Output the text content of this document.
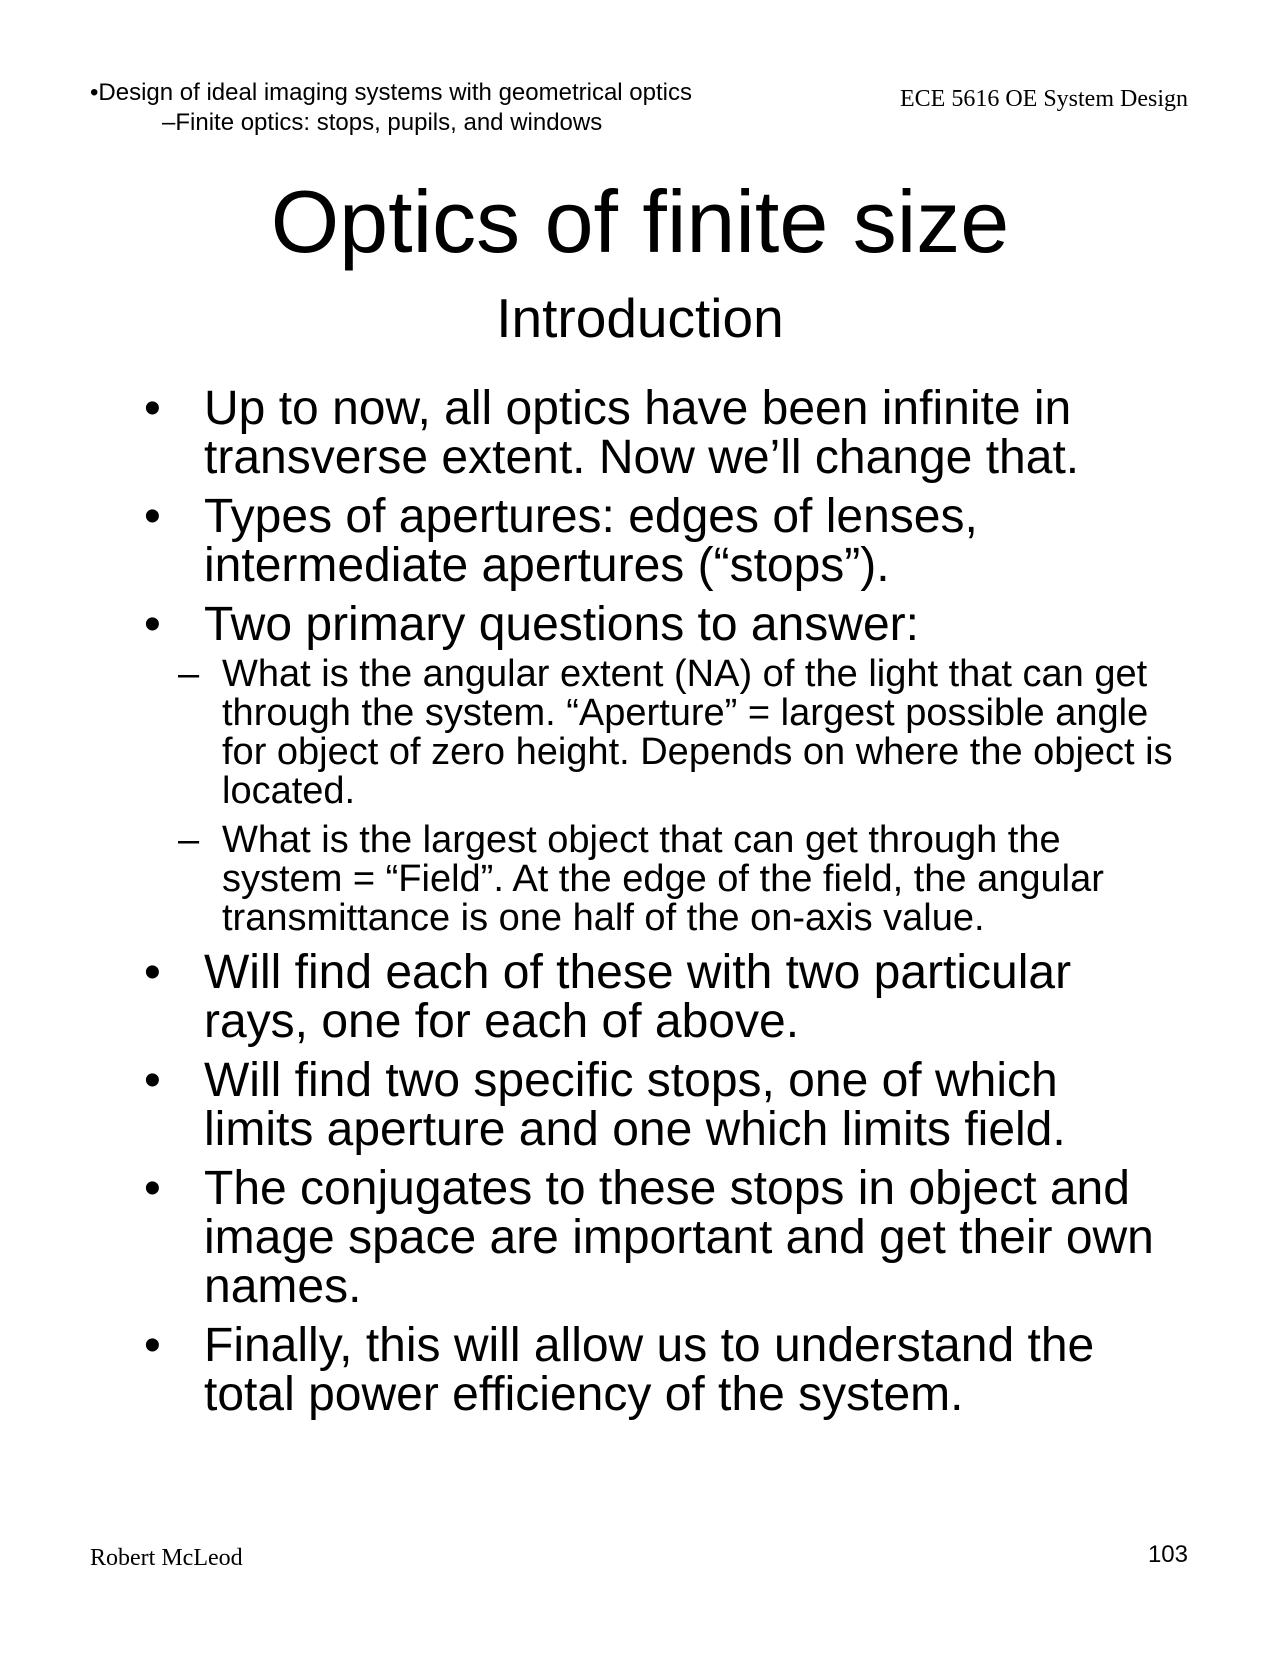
•Design of ideal imaging systems with geometrical optics
–Finite optics: stops, pupils, and windows
ECE 5616 OE System Design
Optics of finite size
Introduction
• Up to now, all optics have been infinite in transverse extent. Now we’ll change that.
• Types of apertures: edges of lenses, intermediate apertures (“stops”).
• Two primary questions to answer:
– What is the angular extent (NA) of the light that can get through the system. “Aperture” = largest possible angle for object of zero height. Depends on where the object is located.
– What is the largest object that can get through the system = “Field”. At the edge of the field, the angular transmittance is one half of the on-axis value.
• Will find each of these with two particular rays, one for each of above.
• Will find two specific stops, one of which limits aperture and one which limits field.
• The conjugates to these stops in object and image space are important and get their own names.
• Finally, this will allow us to understand the total power efficiency of the system.
Robert McLeod	103
